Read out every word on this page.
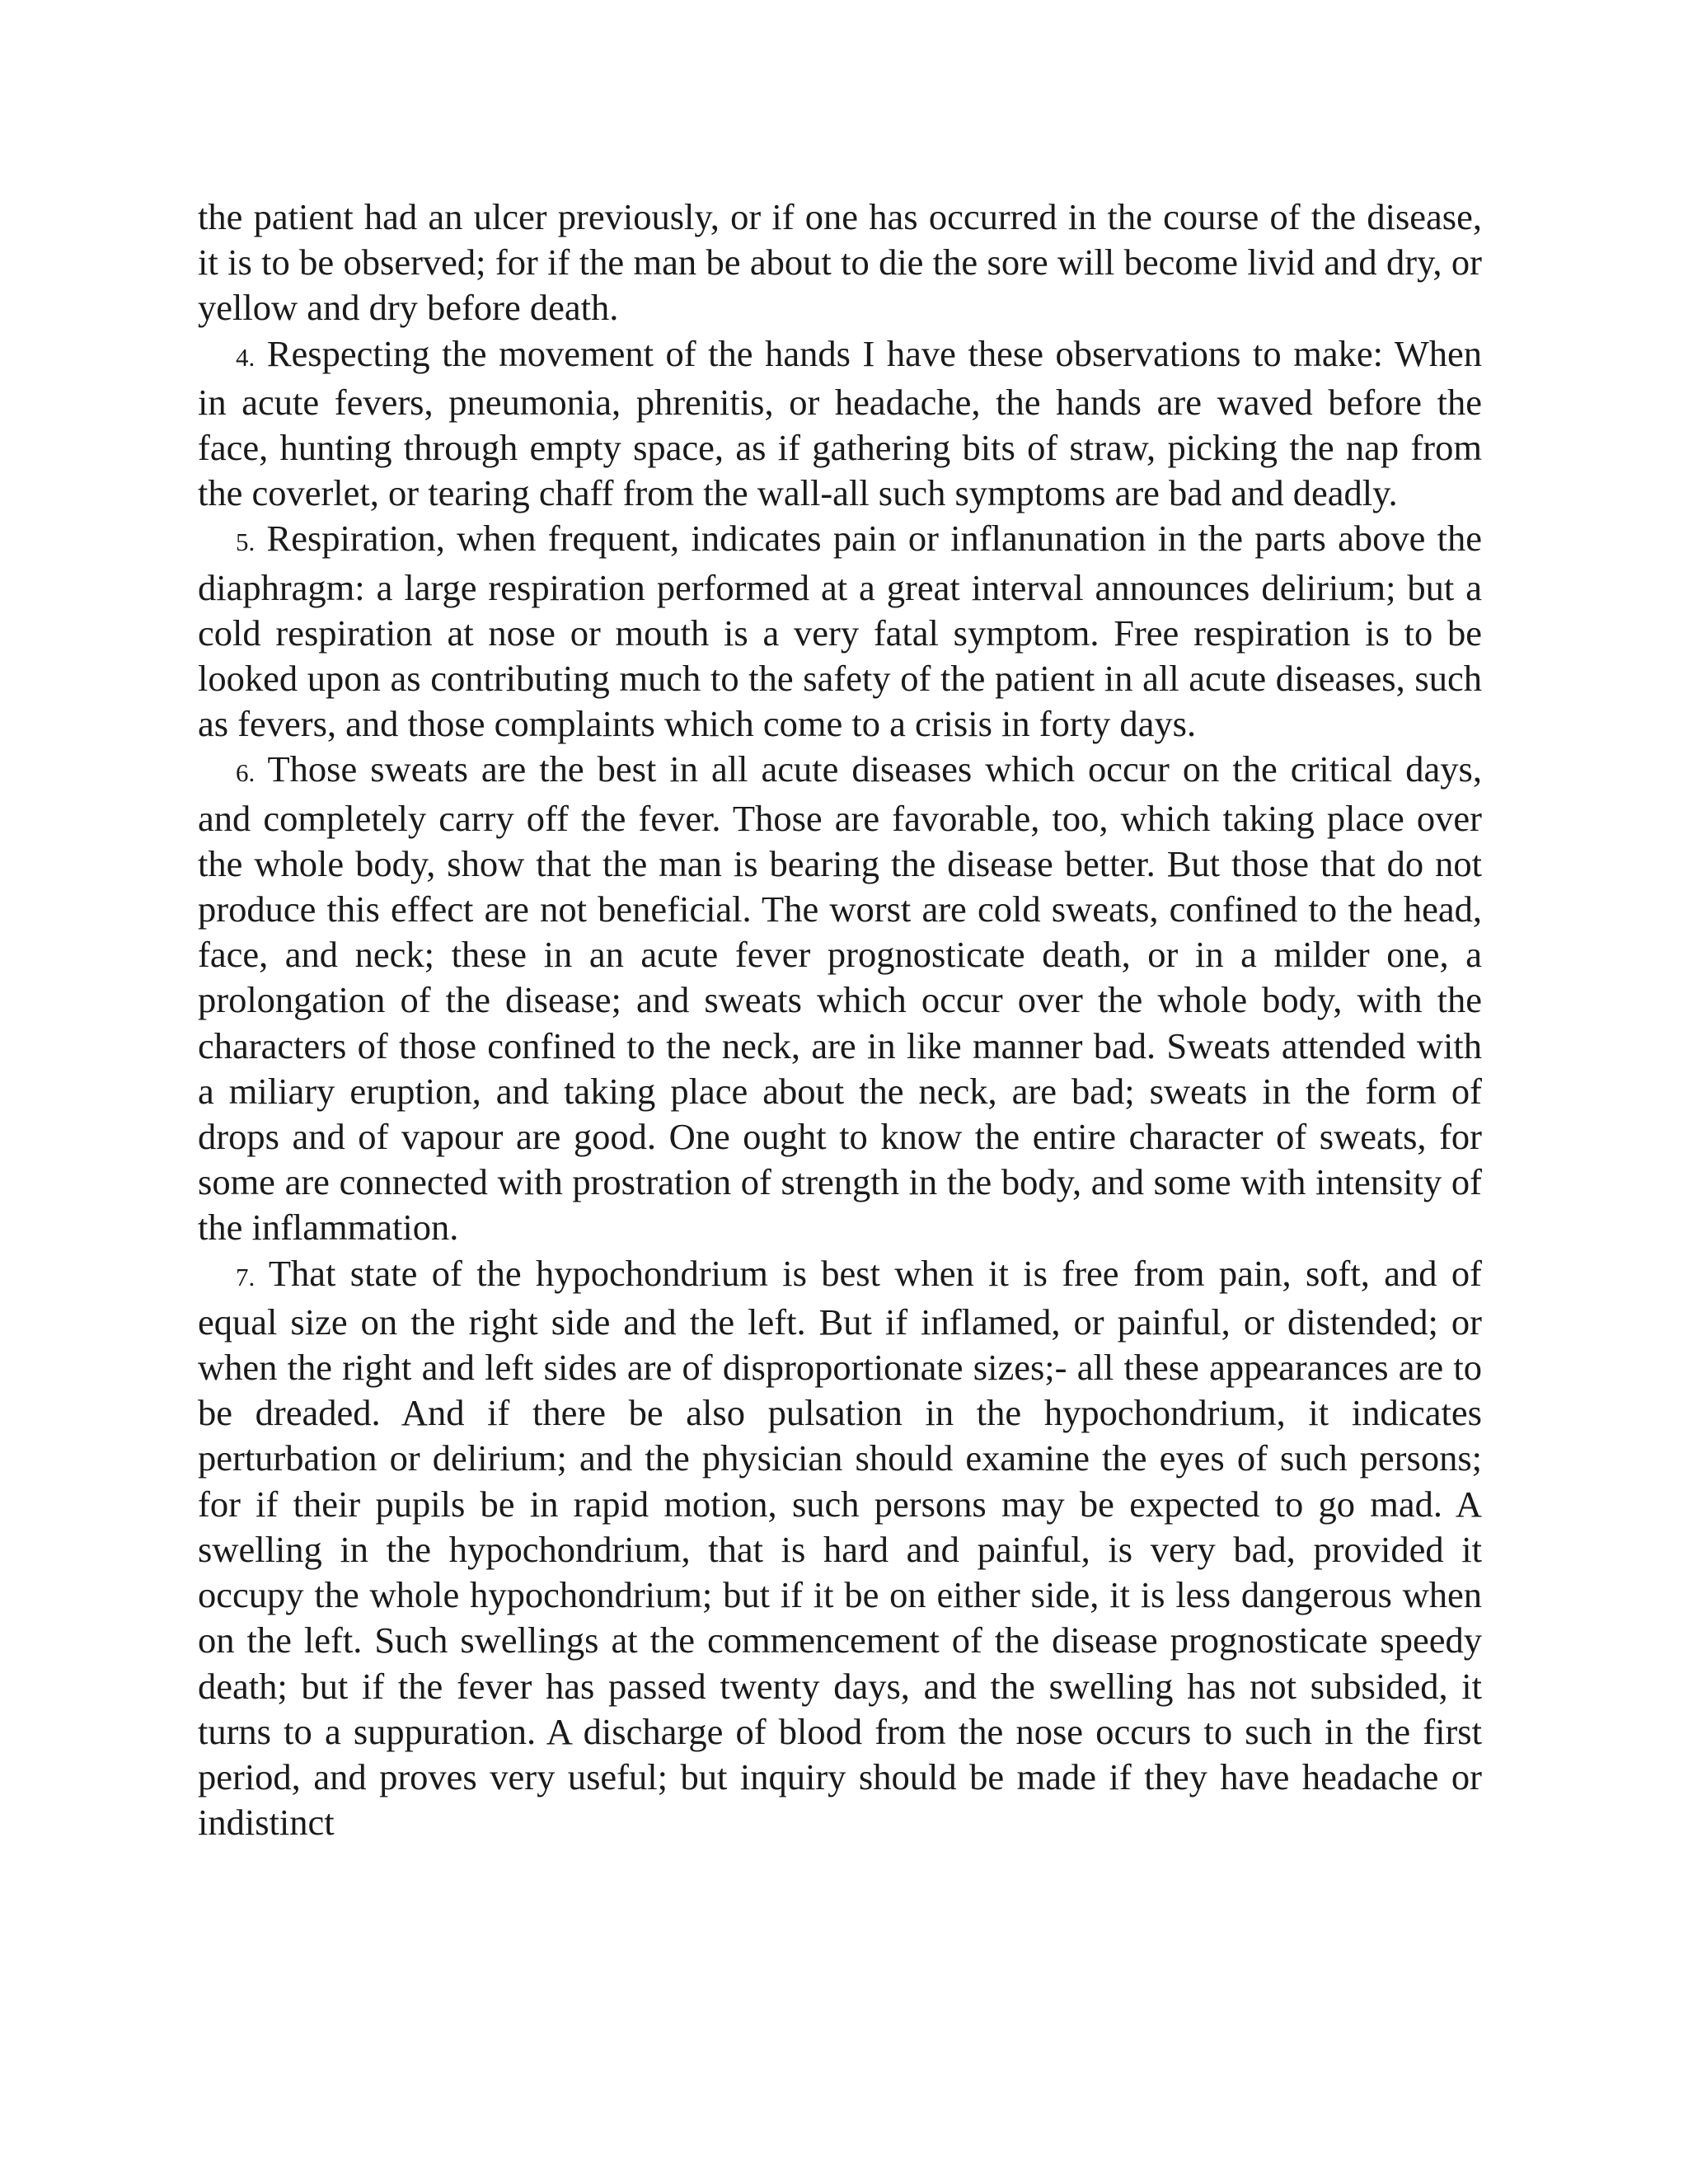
the patient had an ulcer previously, or if one has occurred in the course of the disease, it is to be observed; for if the man be about to die the sore will become livid and dry, or yellow and dry before death.

4. Respecting the movement of the hands I have these observations to make: When in acute fevers, pneumonia, phrenitis, or headache, the hands are waved before the face, hunting through empty space, as if gathering bits of straw, picking the nap from the coverlet, or tearing chaff from the wall-all such symptoms are bad and deadly.

5. Respiration, when frequent, indicates pain or inflanunation in the parts above the diaphragm: a large respiration performed at a great interval announces delirium; but a cold respiration at nose or mouth is a very fatal symptom. Free respiration is to be looked upon as contributing much to the safety of the patient in all acute diseases, such as fevers, and those complaints which come to a crisis in forty days.

6. Those sweats are the best in all acute diseases which occur on the critical days, and completely carry off the fever. Those are favorable, too, which taking place over the whole body, show that the man is bearing the disease better. But those that do not produce this effect are not beneficial. The worst are cold sweats, confined to the head, face, and neck; these in an acute fever prognosticate death, or in a milder one, a prolongation of the disease; and sweats which occur over the whole body, with the characters of those confined to the neck, are in like manner bad. Sweats attended with a miliary eruption, and taking place about the neck, are bad; sweats in the form of drops and of vapour are good. One ought to know the entire character of sweats, for some are connected with prostration of strength in the body, and some with intensity of the inflammation.

7. That state of the hypochondrium is best when it is free from pain, soft, and of equal size on the right side and the left. But if inflamed, or painful, or distended; or when the right and left sides are of disproportionate sizes;- all these appearances are to be dreaded. And if there be also pulsation in the hypochondrium, it indicates perturbation or delirium; and the physician should examine the eyes of such persons; for if their pupils be in rapid motion, such persons may be expected to go mad. A swelling in the hypochondrium, that is hard and painful, is very bad, provided it occupy the whole hypochondrium; but if it be on either side, it is less dangerous when on the left. Such swellings at the commencement of the disease prognosticate speedy death; but if the fever has passed twenty days, and the swelling has not subsided, it turns to a suppuration. A discharge of blood from the nose occurs to such in the first period, and proves very useful; but inquiry should be made if they have headache or indistinct
